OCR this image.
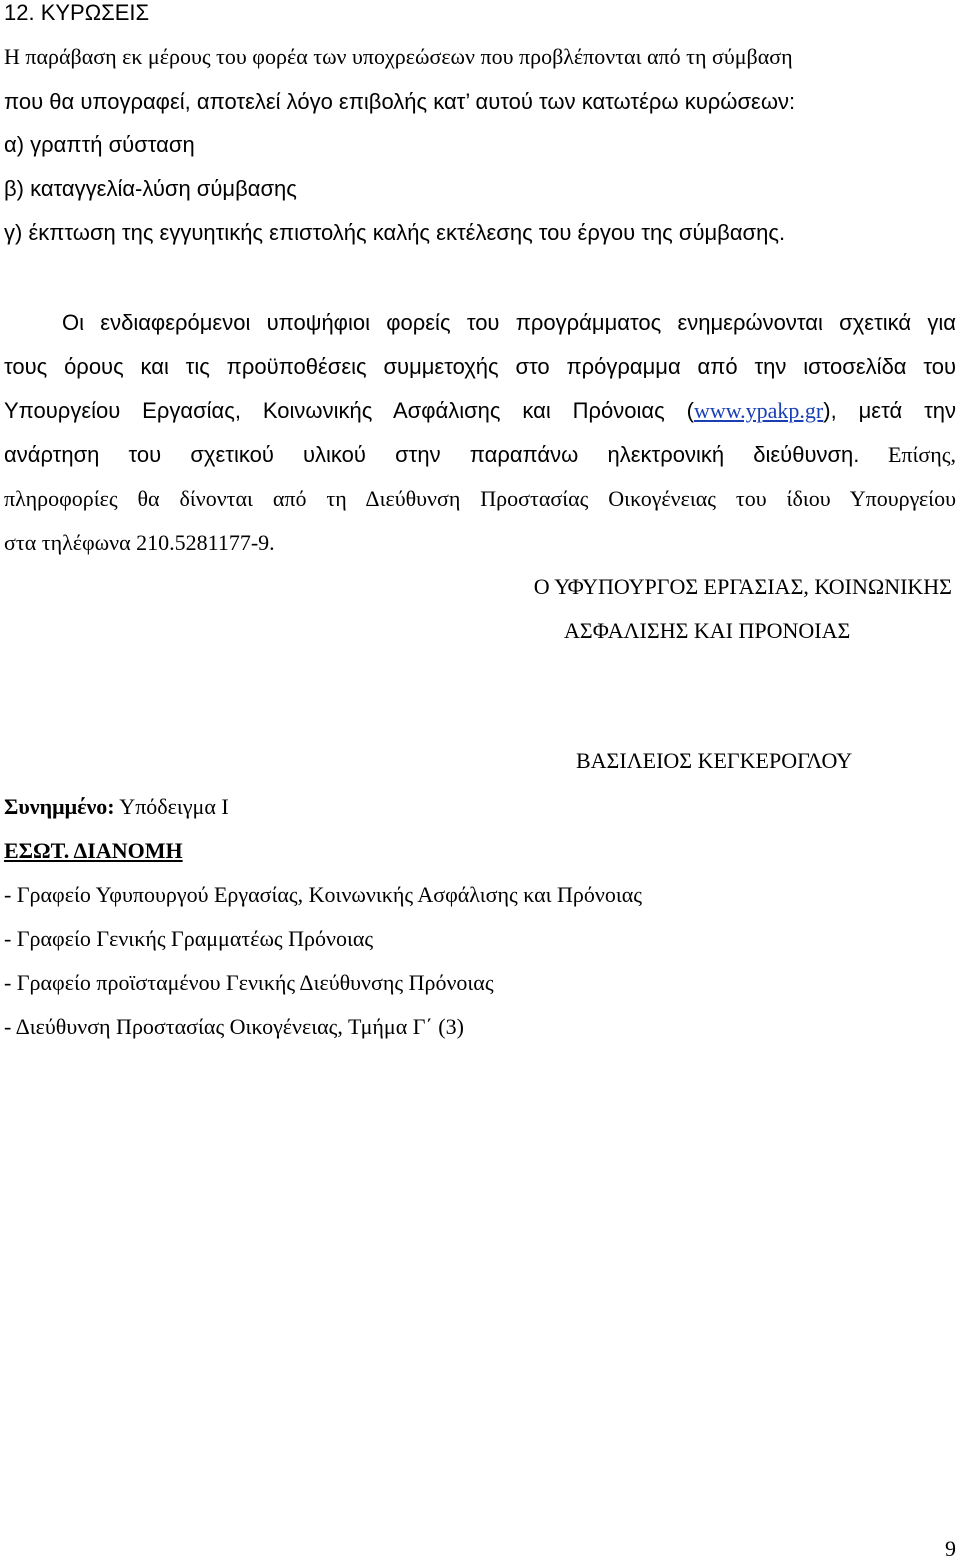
12. ΚΥΡΩΣΕΙΣ
Η παράβαση εκ μέρους του φορέα των υποχρεώσεων που προβλέπονται από τη σύμβαση
που θα υπογραφεί, αποτελεί λόγο επιβολής κατ’ αυτού των κατωτέρω κυρώσεων:
α) γραπτή σύσταση
β) καταγγελία-λύση σύμβασης
γ) έκπτωση της εγγυητικής επιστολής καλής εκτέλεσης του έργου της σύμβασης.
Οι ενδιαφερόμενοι υποψήφιοι φορείς του προγράμματος ενημερώνονται σχετικά για
τους όρους και τις προϋποθέσεις συμμετοχής στο πρόγραμμα από την ιστοσελίδα του
Υπουργείου Εργασίας, Κοινωνικής Ασφάλισης και Πρόνοιας (www.ypakp.gr), μετά την
ανάρτηση του σχετικού υλικού στην παραπάνω ηλεκτρονική διεύθυνση. Επίσης,
πληροφορίες θα δίνονται από τη Διεύθυνση Προστασίας Οικογένειας του ίδιου Υπουργείου
στα τηλέφωνα 210.5281177-9.
Ο ΥΦΥΠΟΥΡΓΟΣ ΕΡΓΑΣΙΑΣ, ΚΟΙΝΩΝΙΚΗΣ
ΑΣΦΑΛΙΣΗΣ ΚΑΙ ΠΡΟΝΟΙΑΣ
ΒΑΣΙΛΕΙΟΣ ΚΕΓΚΕΡΟΓΛΟΥ
Συνημμένο: Υπόδειγμα Ι
ΕΣΩΤ. ΔΙΑΝΟΜΗ
- Γραφείο Υφυπουργού Εργασίας, Κοινωνικής Ασφάλισης και Πρόνοιας
- Γραφείο Γενικής Γραμματέως Πρόνοιας
- Γραφείο προϊσταμένου Γενικής Διεύθυνσης Πρόνοιας
- Διεύθυνση Προστασίας Οικογένειας, Τμήμα Γ΄ (3)
9
